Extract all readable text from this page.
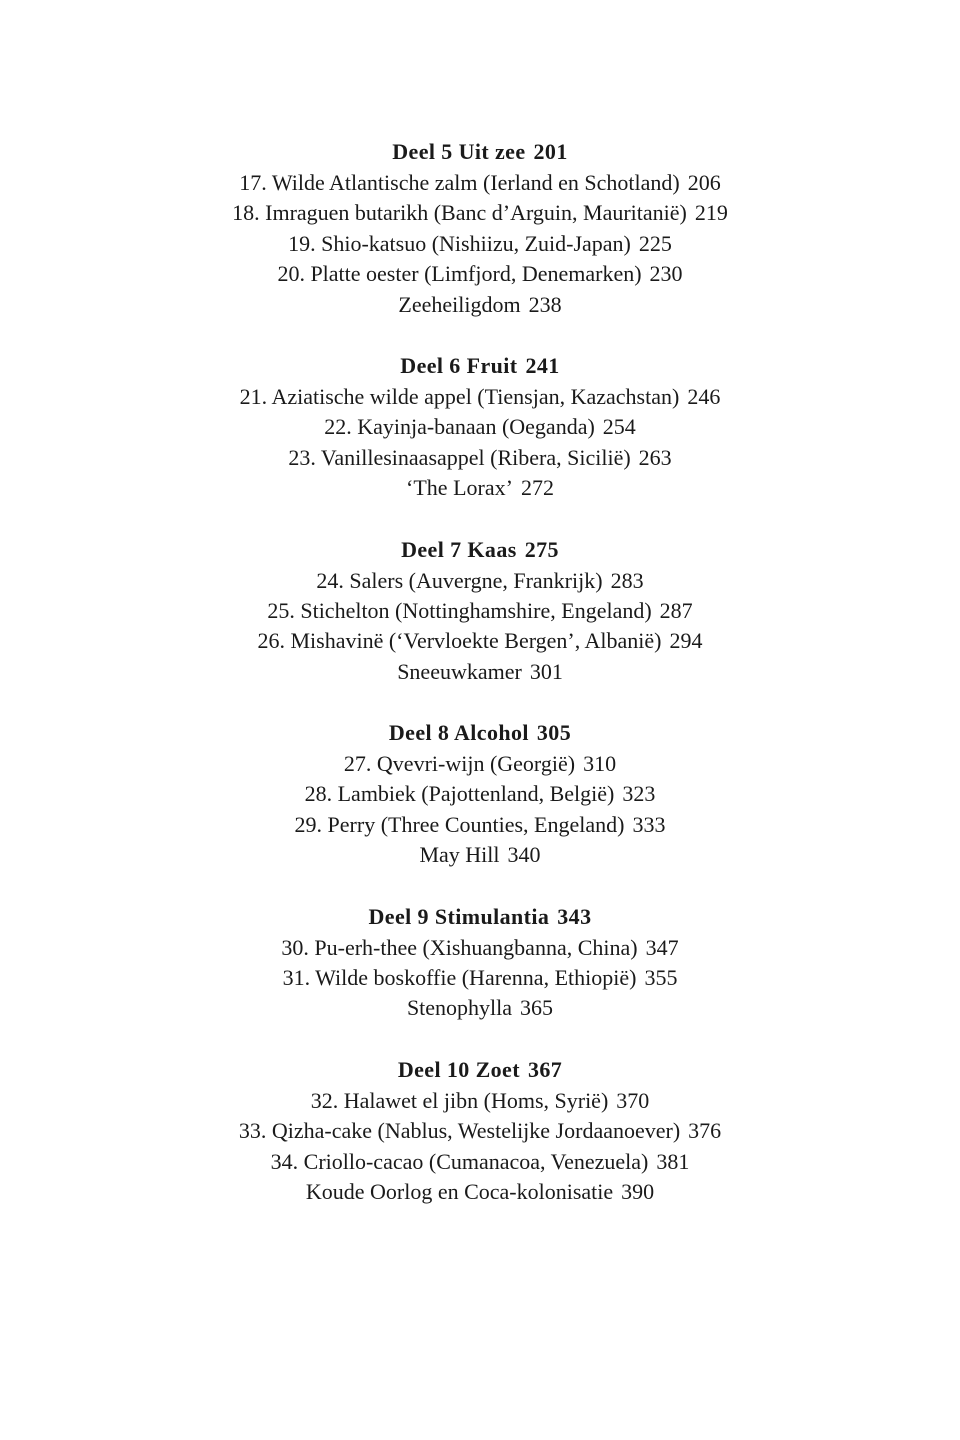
Deel 5 Uit zee 201
17. Wilde Atlantische zalm (Ierland en Schotland) 206
18. Imraguen butarikh (Banc d’Arguin, Mauritanië) 219
19. Shio-katsuo (Nishiizu, Zuid-Japan) 225
20. Platte oester (Limfjord, Denemarken) 230
Zeeheiligdom 238
Deel 6 Fruit 241
21. Aziatische wilde appel (Tiensjan, Kazachstan) 246
22. Kayinja-banaan (Oeganda) 254
23. Vanillesinaasappel (Ribera, Sicilië) 263
‘The Lorax’ 272
Deel 7 Kaas 275
24. Salers (Auvergne, Frankrijk) 283
25. Stichelton (Nottinghamshire, Engeland) 287
26. Mishavinë (‘Vervloekte Bergen’, Albanië) 294
Sneeuwkamer 301
Deel 8 Alcohol 305
27. Qvevri-wijn (Georgië) 310
28. Lambiek (Pajottenland, België) 323
29. Perry (Three Counties, Engeland) 333
May Hill 340
Deel 9 Stimulantia 343
30. Pu-erh-thee (Xishuangbanna, China) 347
31. Wilde boskoffie (Harenna, Ethiopië) 355
Stenophylla 365
Deel 10 Zoet 367
32. Halawet el jibn (Homs, Syrië) 370
33. Qizha-cake (Nablus, Westelijke Jordaanoever) 376
34. Criollo-cacao (Cumanacoa, Venezuela) 381
Koude Oorlog en Coca-kolonisatie 390
